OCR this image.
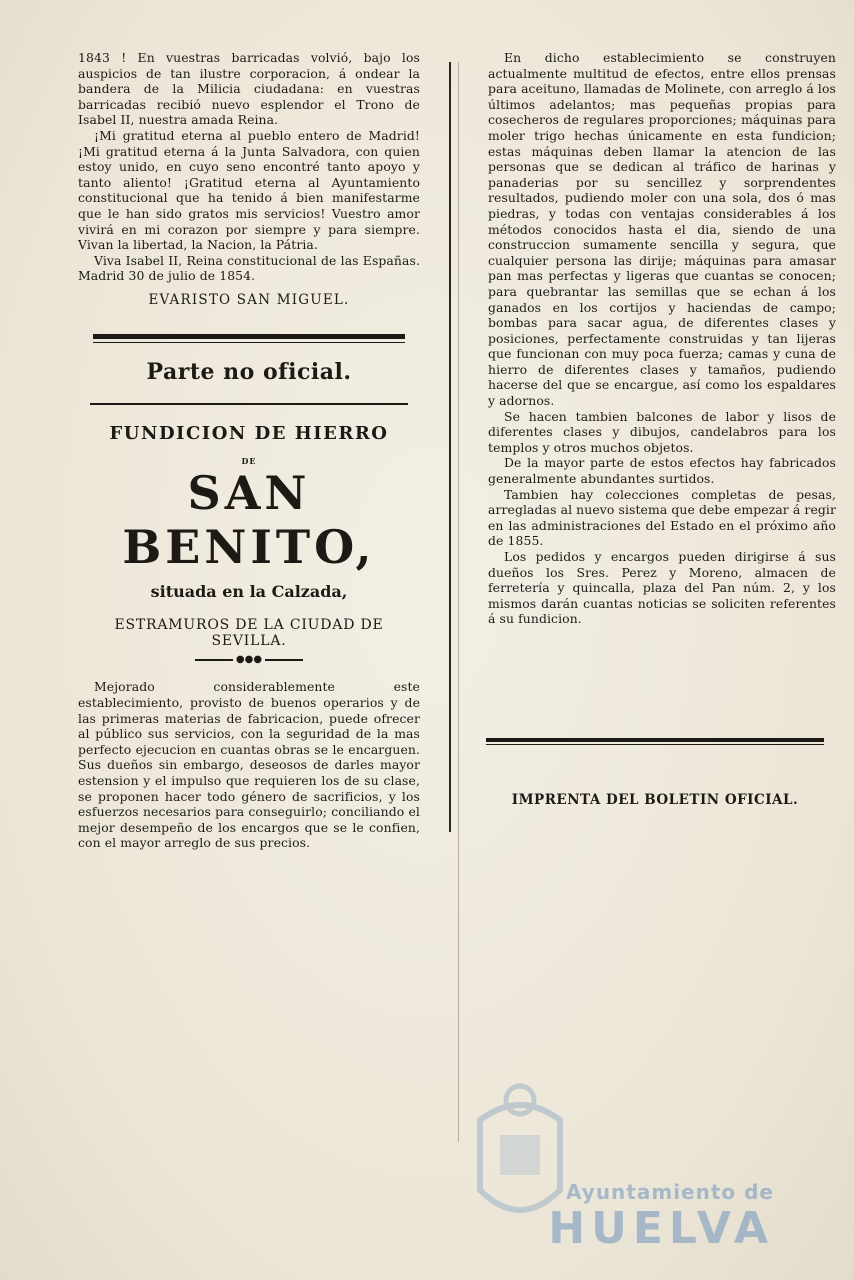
1843 ! En vuestras barricadas volvió, bajo los auspicios de tan ilustre corporacion, á ondear la bandera de la Milicia ciudadana: en vuestras barricadas recibió nuevo esplendor el Trono de Isabel II, nuestra amada Reina.

¡Mi gratitud eterna al pueblo entero de Madrid! ¡Mi gratitud eterna á la Junta Salvadora, con quien estoy unido, en cuyo seno encontré tanto apoyo y tanto aliento! ¡Gratitud eterna al Ayuntamiento constitucional que ha tenido á bien manifestarme que le han sido gratos mis servicios! Vuestro amor vivirá en mi corazon por siempre y para siempre. Vivan la libertad, la Nacion, la Pátria.

Viva Isabel II, Reina constitucional de las Españas. Madrid 30 de julio de 1854.

EVARISTO SAN MIGUEL.
Parte no oficial.
FUNDICION DE HIERRO
DE
SAN BENITO,
situada en la Calzada,
ESTRAMUROS DE LA CIUDAD DE SEVILLA.
●●●

Mejorado considerablemente este establecimiento, provisto de buenos operarios y de las primeras materias de fabricacion, puede ofrecer al público sus servicios, con la seguridad de la mas perfecto ejecucion en cuantas obras se le encarguen. Sus dueños sin embargo, deseosos de darles mayor estension y el impulso que requieren los de su clase, se proponen hacer todo género de sacrificios, y los esfuerzos necesarios para conseguirlo; conciliando el mejor desempeño de los encargos que se le confien, con el mayor arreglo de sus precios.

En dicho establecimiento se construyen actualmente multitud de efectos, entre ellos prensas para aceituno, llamadas de Molinete, con arreglo á los últimos adelantos; mas pequeñas propias para cosecheros de regulares proporciones; máquinas para moler trigo hechas únicamente en esta fundicion; estas máquinas deben llamar la atencion de las personas que se dedican al tráfico de harinas y panaderias por su sencillez y sorprendentes resultados, pudiendo moler con una sola, dos ó mas piedras, y todas con ventajas considerables á los métodos conocidos hasta el dia, siendo de una construccion sumamente sencilla y segura, que cualquier persona las dirije; máquinas para amasar pan mas perfectas y ligeras que cuantas se conocen; para quebrantar las semillas que se echan á los ganados en los cortijos y haciendas de campo; bombas para sacar agua, de diferentes clases y posiciones, perfectamente construidas y tan lijeras que funcionan con muy poca fuerza; camas y cuna de hierro de diferentes clases y tamaños, pudiendo hacerse del que se encargue, así como los espaldares y adornos.

Se hacen tambien balcones de labor y lisos de diferentes clases y dibujos, candelabros para los templos y otros muchos objetos.

De la mayor parte de estos efectos hay fabricados generalmente abundantes surtidos.

Tambien hay colecciones completas de pesas, arregladas al nuevo sistema que debe empezar á regir en las administraciones del Estado en el próximo año de 1855.

Los pedidos y encargos pueden dirigirse á sus dueños los Sres. Perez y Moreno, almacen de ferretería y quincalla, plaza del Pan núm. 2, y los mismos darán cuantas noticias se soliciten referentes á su fundicion.

IMPRENTA DEL BOLETIN OFICIAL.
Ayuntamiento de
HUELVA
